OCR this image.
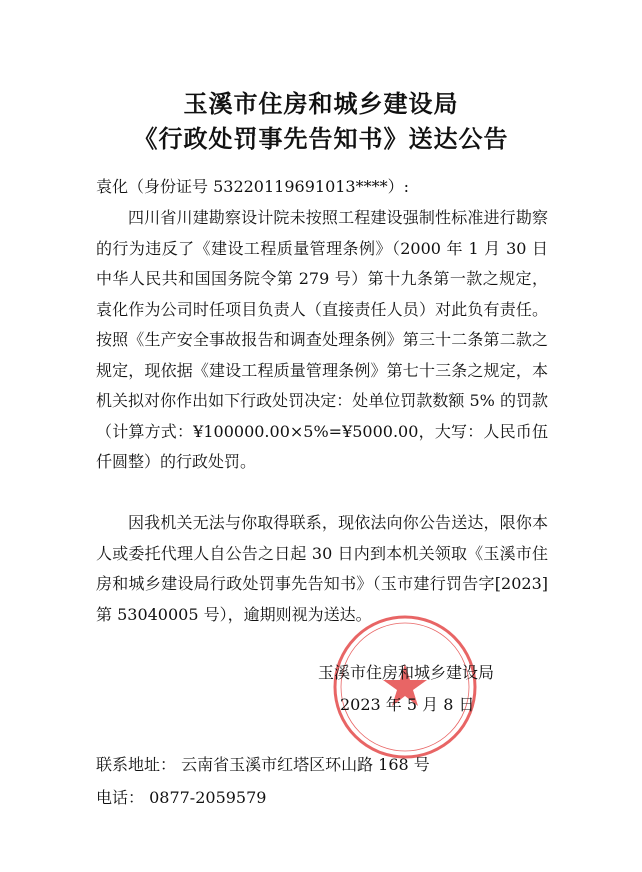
玉溪市住房和城乡建设局
《行政处罚事先告知书》送达公告
袁化（身份证号 53220119691013****）:
四川省川建勘察设计院未按照工程建设强制性标准进行勘察的行为违反了《建设工程质量管理条例》（2000 年 1 月 30 日中华人民共和国国务院令第 279 号）第十九条第一款之规定，袁化作为公司时任项目负责人（直接责任人员）对此负有责任。按照《生产安全事故报告和调查处理条例》第三十二条第二款之规定，现依据《建设工程质量管理条例》第七十三条之规定，本机关拟对你作出如下行政处罚决定：处单位罚款数额 5% 的罚款（计算方式：¥100000.00×5%=¥5000.00，大写：人民币伍仟圆整）的行政处罚。
因我机关无法与你取得联系，现依法向你公告送达，限你本人或委托代理人自公告之日起 30 日内到本机关领取《玉溪市住房和城乡建设局行政处罚事先告知书》（玉市建行罚告字[2023]第 53040005 号），逾期则视为送达。
玉溪市住房和城乡建设局
2023 年 5 月 8 日
联系地址： 云南省玉溪市红塔区环山路 168 号
电话： 0877-2059579
